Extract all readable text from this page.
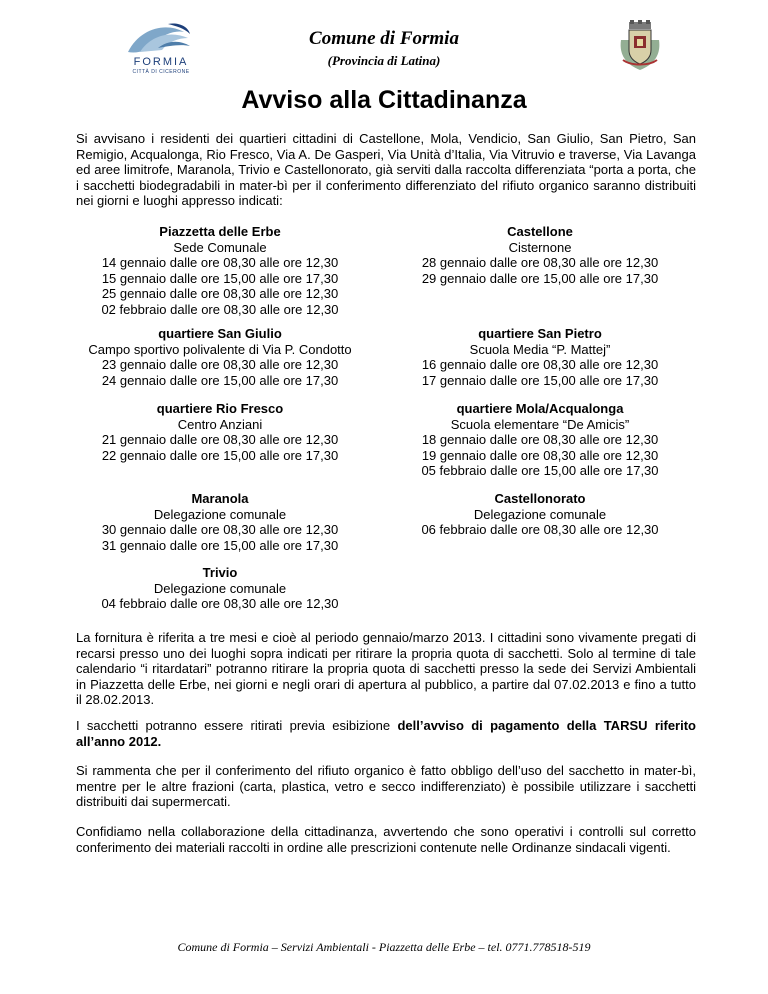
FORMIA
CITTÀ DI CICERONE
Comune di Formia
(Provincia di Latina)
Avviso alla Cittadinanza
Si avvisano i residenti dei quartieri cittadini di Castellone, Mola, Vendicio, San Giulio, San Pietro, San Remigio, Acqualonga, Rio Fresco, Via A. De Gasperi, Via Unità d’Italia, Via Vitruvio e traverse, Via Lavanga ed aree limitrofe, Maranola, Trivio e Castellonorato, già serviti dalla raccolta differenziata “porta a porta, che i sacchetti biodegradabili in mater-bì per il conferimento differenziato del rifiuto organico saranno distribuiti nei giorni e luoghi appresso indicati:
Piazzetta delle Erbe
Sede Comunale
14 gennaio dalle ore 08,30 alle ore 12,30
15 gennaio dalle ore 15,00 alle ore 17,30
25 gennaio dalle ore 08,30 alle ore 12,30
02 febbraio dalle ore 08,30 alle ore 12,30
Castellone
Cisternone
28 gennaio dalle ore 08,30 alle ore 12,30
29 gennaio dalle ore 15,00 alle ore 17,30
quartiere San Giulio
Campo sportivo polivalente di Via P. Condotto
23 gennaio dalle ore 08,30 alle ore 12,30
24 gennaio dalle ore 15,00 alle ore 17,30
quartiere San Pietro
Scuola Media “P. Mattej”
16 gennaio dalle ore 08,30 alle ore 12,30
17 gennaio dalle ore 15,00 alle ore 17,30
quartiere Rio Fresco
Centro Anziani
21 gennaio dalle ore 08,30 alle ore 12,30
22 gennaio dalle ore 15,00 alle ore 17,30
quartiere Mola/Acqualonga
Scuola elementare “De Amicis”
18 gennaio dalle ore 08,30 alle ore 12,30
19 gennaio dalle ore 08,30 alle ore 12,30
05 febbraio dalle ore 15,00 alle ore 17,30
Maranola
Delegazione comunale
30 gennaio dalle ore 08,30 alle ore 12,30
31 gennaio dalle ore 15,00 alle ore 17,30
Castellonorato
Delegazione comunale
06 febbraio dalle ore 08,30 alle ore 12,30
Trivio
Delegazione comunale
04 febbraio dalle ore 08,30 alle ore 12,30
La fornitura è riferita a tre mesi e cioè al periodo gennaio/marzo 2013. I cittadini sono vivamente pregati di recarsi presso uno dei luoghi sopra indicati per ritirare la propria quota di sacchetti. Solo al termine di tale calendario “i ritardatari” potranno ritirare la propria quota di sacchetti presso la sede dei Servizi Ambientali in Piazzetta delle Erbe, nei giorni e negli orari di apertura al pubblico, a partire dal 07.02.2013 e fino a tutto il 28.02.2013.
I sacchetti potranno essere ritirati previa esibizione dell’avviso di pagamento della TARSU riferito all’anno 2012.
Si rammenta che per il conferimento del rifiuto organico è fatto obbligo dell’uso del sacchetto in mater-bì, mentre per le altre frazioni (carta, plastica, vetro e secco indifferenziato) è possibile utilizzare i sacchetti distribuiti dai supermercati.
Confidiamo nella collaborazione della cittadinanza, avvertendo che sono operativi i controlli sul corretto conferimento dei materiali raccolti in ordine alle prescrizioni contenute nelle Ordinanze sindacali vigenti.
Comune di Formia – Servizi Ambientali - Piazzetta delle Erbe – tel. 0771.778518-519
